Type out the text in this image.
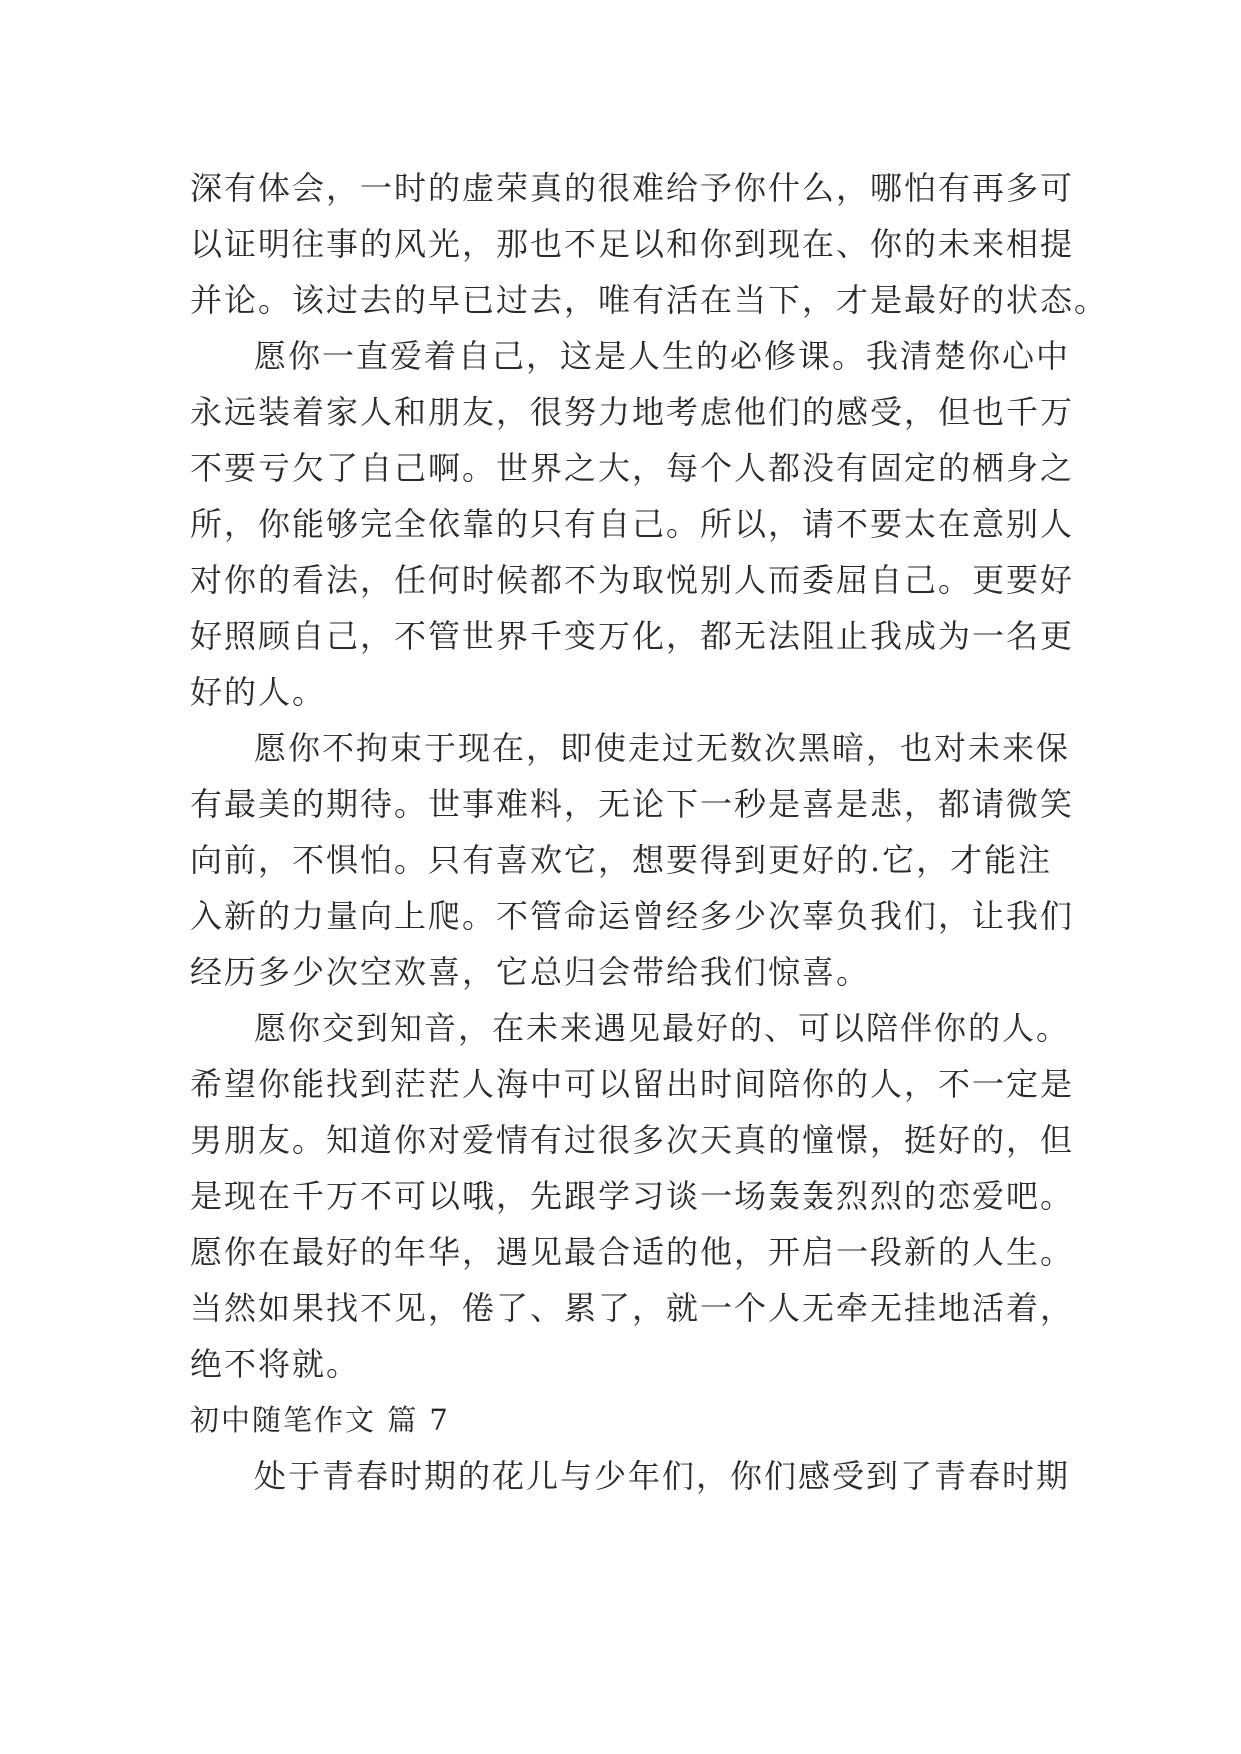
深有体会，一时的虚荣真的很难给予你什么，哪怕有再多可
以证明往事的风光，那也不足以和你到现在、你的未来相提
并论。该过去的早已过去，唯有活在当下，才是最好的状态。
愿你一直爱着自己，这是人生的必修课。我清楚你心中
永远装着家人和朋友，很努力地考虑他们的感受，但也千万
不要亏欠了自己啊。世界之大，每个人都没有固定的栖身之
所，你能够完全依靠的只有自己。所以，请不要太在意别人
对你的看法，任何时候都不为取悦别人而委屈自己。更要好
好照顾自己，不管世界千变万化，都无法阻止我成为一名更
好的人。
愿你不拘束于现在，即使走过无数次黑暗，也对未来保
有最美的期待。世事难料，无论下一秒是喜是悲，都请微笑
向前，不惧怕。只有喜欢它，想要得到更好的.它，才能注
入新的力量向上爬。不管命运曾经多少次辜负我们，让我们
经历多少次空欢喜，它总归会带给我们惊喜。
愿你交到知音，在未来遇见最好的、可以陪伴你的人。
希望你能找到茫茫人海中可以留出时间陪你的人，不一定是
男朋友。知道你对爱情有过很多次天真的憧憬，挺好的，但
是现在千万不可以哦，先跟学习谈一场轰轰烈烈的恋爱吧。
愿你在最好的年华，遇见最合适的他，开启一段新的人生。
当然如果找不见，倦了、累了，就一个人无牵无挂地活着，
绝不将就。
初中随笔作文 篇 7
处于青春时期的花儿与少年们，你们感受到了青春时期
